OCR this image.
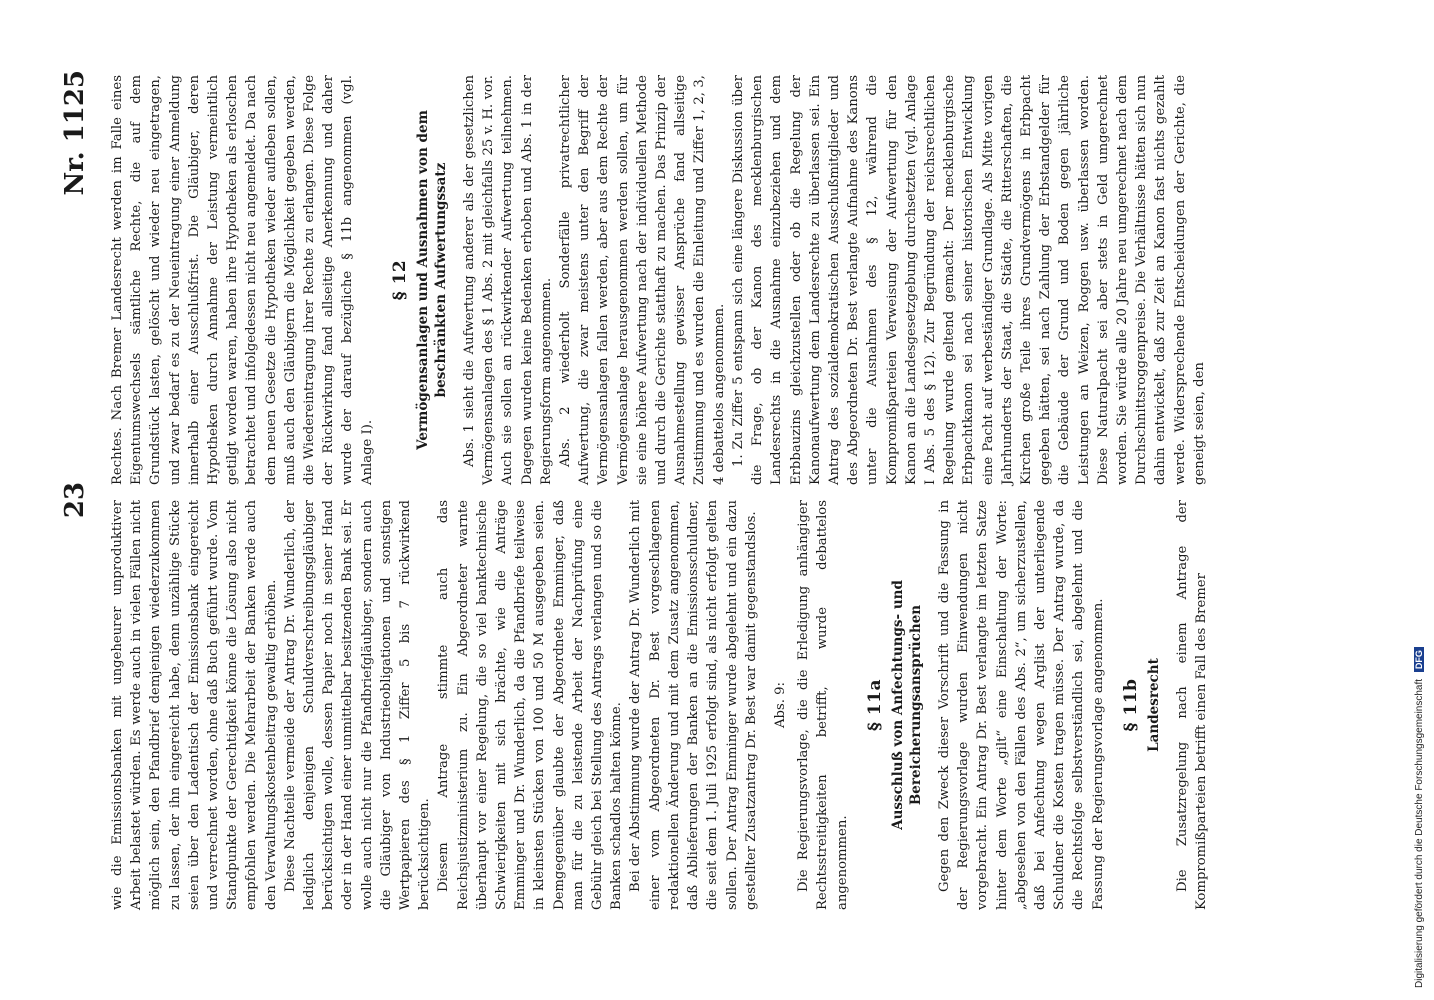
23
Nr. 1125

wie die Emissionsbanken mit ungeheurer unproduktiver Arbeit belastet würden. Es werde auch in vielen Fällen nicht möglich sein, den Pfandbrief demjenigen wiederzukommen zu lassen, der ihn eingereicht habe, denn unzählige Stücke seien über den Ladentisch der Emissionsbank eingereicht und verrechnet worden, ohne daß Buch geführt wurde. Vom Standpunkte der Gerechtigkeit könne die Lösung also nicht empfohlen werden. Die Mehrarbeit der Banken werde auch den Verwaltungskostenbeitrag gewaltig erhöhen. Diese Nachteile vermeide der Antrag Dr. Wunderlich, der lediglich denjenigen Schuldverschreibungsgläubiger berücksichtigen wolle, dessen Papier noch in seiner Hand oder in der Hand einer unmittelbar besitzenden Bank sei. Er wolle auch nicht nur die Pfandbriefgläubiger, sondern auch die Gläubiger von Industrieobligationen und sonstigen Wertpapieren des § 1 Ziffer 5 bis 7 rückwirkend berücksichtigen. Diesem Antrage stimmte auch das Reichsjustizministerium zu. Ein Abgeordneter warnte überhaupt vor einer Regelung, die so viel banktechnische Schwierigkeiten mit sich brächte, wie die Anträge Emminger und Dr. Wunderlich, da die Pfandbriefe teilweise in kleinsten Stücken von 100 und 50 M ausgegeben seien. Demgegenüber glaubte der Abgeordnete Emminger, daß man für die zu leistende Arbeit der Nachprüfung eine Gebühr gleich bei Stellung des Antrags verlangen und so die Banken schadlos halten könne. Bei der Abstimmung wurde der Antrag Dr. Wunderlich mit einer vom Abgeordneten Dr. Best vorgeschlagenen redaktionellen Änderung und mit dem Zusatz angenommen, daß Ablieferungen der Banken an die Emissionsschuldner, die seit dem 1. Juli 1925 erfolgt sind, als nicht erfolgt gelten sollen. Der Antrag Emminger wurde abgelehnt und ein dazu gestellter Zusatzantrag Dr. Best war damit gegenstandslos. Abs. 9: Die Regierungsvorlage, die die Erledigung anhängiger Rechtsstreitigkeiten betrifft, wurde debattelos angenommen.

§ 11a Ausschluß von Anfechtungs- und Bereicherungsansprüchen Gegen den Zweck dieser Vorschrift und die Fassung in der Regierungsvorlage wurden Einwendungen nicht vorgebracht. Ein Antrag Dr. Best verlangte im letzten Satze hinter dem Worte „gilt“ eine Einschaltung der Worte: „abgesehen von den Fällen des Abs. 2“, um sicherzustellen, daß bei Anfechtung wegen Arglist der unterliegende Schuldner die Kosten tragen müsse. Der Antrag wurde, da die Rechtsfolge selbstverständlich sei, abgelehnt und die Fassung der Regierungsvorlage angenommen. § 11b Landesrecht Die Zusatzregelung nach einem Antrage der Kompromißparteien betrifft einen Fall des Bremer

Rechtes. Nach Bremer Landesrecht werden im Falle eines Eigentumswechsels sämtliche Rechte, die auf dem Grundstück lasten, gelöscht und wieder neu eingetragen, und zwar bedarf es zu der Neueintragung einer Anmeldung innerhalb einer Ausschlußfrist. Die Gläubiger, deren Hypotheken durch Annahme der Leistung vermeintlich getilgt worden waren, haben ihre Hypotheken als erloschen betrachtet und infolgedessen nicht neu angemeldet. Da nach dem neuen Gesetze die Hypotheken wieder aufleben sollen, muß auch den Gläubigern die Möglichkeit gegeben werden, die Wiedereintragung ihrer Rechte zu erlangen. Diese Folge der Rückwirkung fand allseitige Anerkennung und daher wurde der darauf bezügliche § 11b angenommen (vgl. Anlage I).

§ 12 Vermögensanlagen und Ausnahmen von dem beschränkten Aufwertungssatz Abs. 1 sieht die Aufwertung anderer als der gesetzlichen Vermögensanlagen des § 1 Abs. 2 mit gleichfalls 25 v. H. vor. Auch sie sollen an rückwirkender Aufwertung teilnehmen. Dagegen wurden keine Bedenken erhoben und Abs. 1 in der Regierungsform angenommen. Abs. 2 wiederholt Sonderfälle privatrechtlicher Aufwertung, die zwar meistens unter den Begriff der Vermögensanlagen fallen werden, aber aus dem Rechte der Vermögensanlage herausgenommen werden sollen, um für sie eine höhere Aufwertung nach der individuellen Methode und durch die Gerichte statthaft zu machen. Das Prinzip der Ausnahmestellung gewisser Ansprüche fand allseitige Zustimmung und es wurden die Einleitung und Ziffer 1, 2, 3, 4 debattelos angenommen. 1. Zu Ziffer 5 entspann sich eine längere Diskussion über die Frage, ob der Kanon des mecklenburgischen Landesrechts in die Ausnahme einzubeziehen und dem Erbbauzins gleichzustellen oder ob die Regelung der Kanonaufwertung dem Landesrechte zu überlassen sei. Ein Antrag des sozialdemokratischen Ausschußmitglieder und des Abgeordneten Dr. Best verlangte Aufnahme des Kanons unter die Ausnahmen des § 12, während die Kompromißparteien Verweisung der Aufwertung für den Kanon an die Landesgesetzgebung durchsetzten (vgl. Anlage I Abs. 5 des § 12). Zur Begründung der reichsrechtlichen Regelung wurde geltend gemacht: Der mecklenburgische Erbpachtkanon sei nach seiner historischen Entwicklung eine Pacht auf werbeständiger Grundlage. Als Mitte vorigen Jahrhunderts der Staat, die Städte, die Ritterschaften, die Kirchen große Teile ihres Grundvermögens in Erbpacht gegeben hätten, sei nach Zahlung der Erbstandgelder für die Gebäude der Grund und Boden gegen jährliche Leistungen an Weizen, Roggen usw. überlassen worden. Diese Naturalpacht sei aber stets in Geld umgerechnet worden. Sie würde alle 20 Jahre neu umgerechnet nach dem Durchschnittsroggenpreise. Die Verhältnisse hätten sich nun dahin entwickelt, daß zur Zeit an Kanon fast nichts gezahlt werde. Widersprechende Entscheidungen der Gerichte, die geneigt seien, den

Digitalisierung gefördert durch die Deutsche Forschungsgemeinschaft DFG
